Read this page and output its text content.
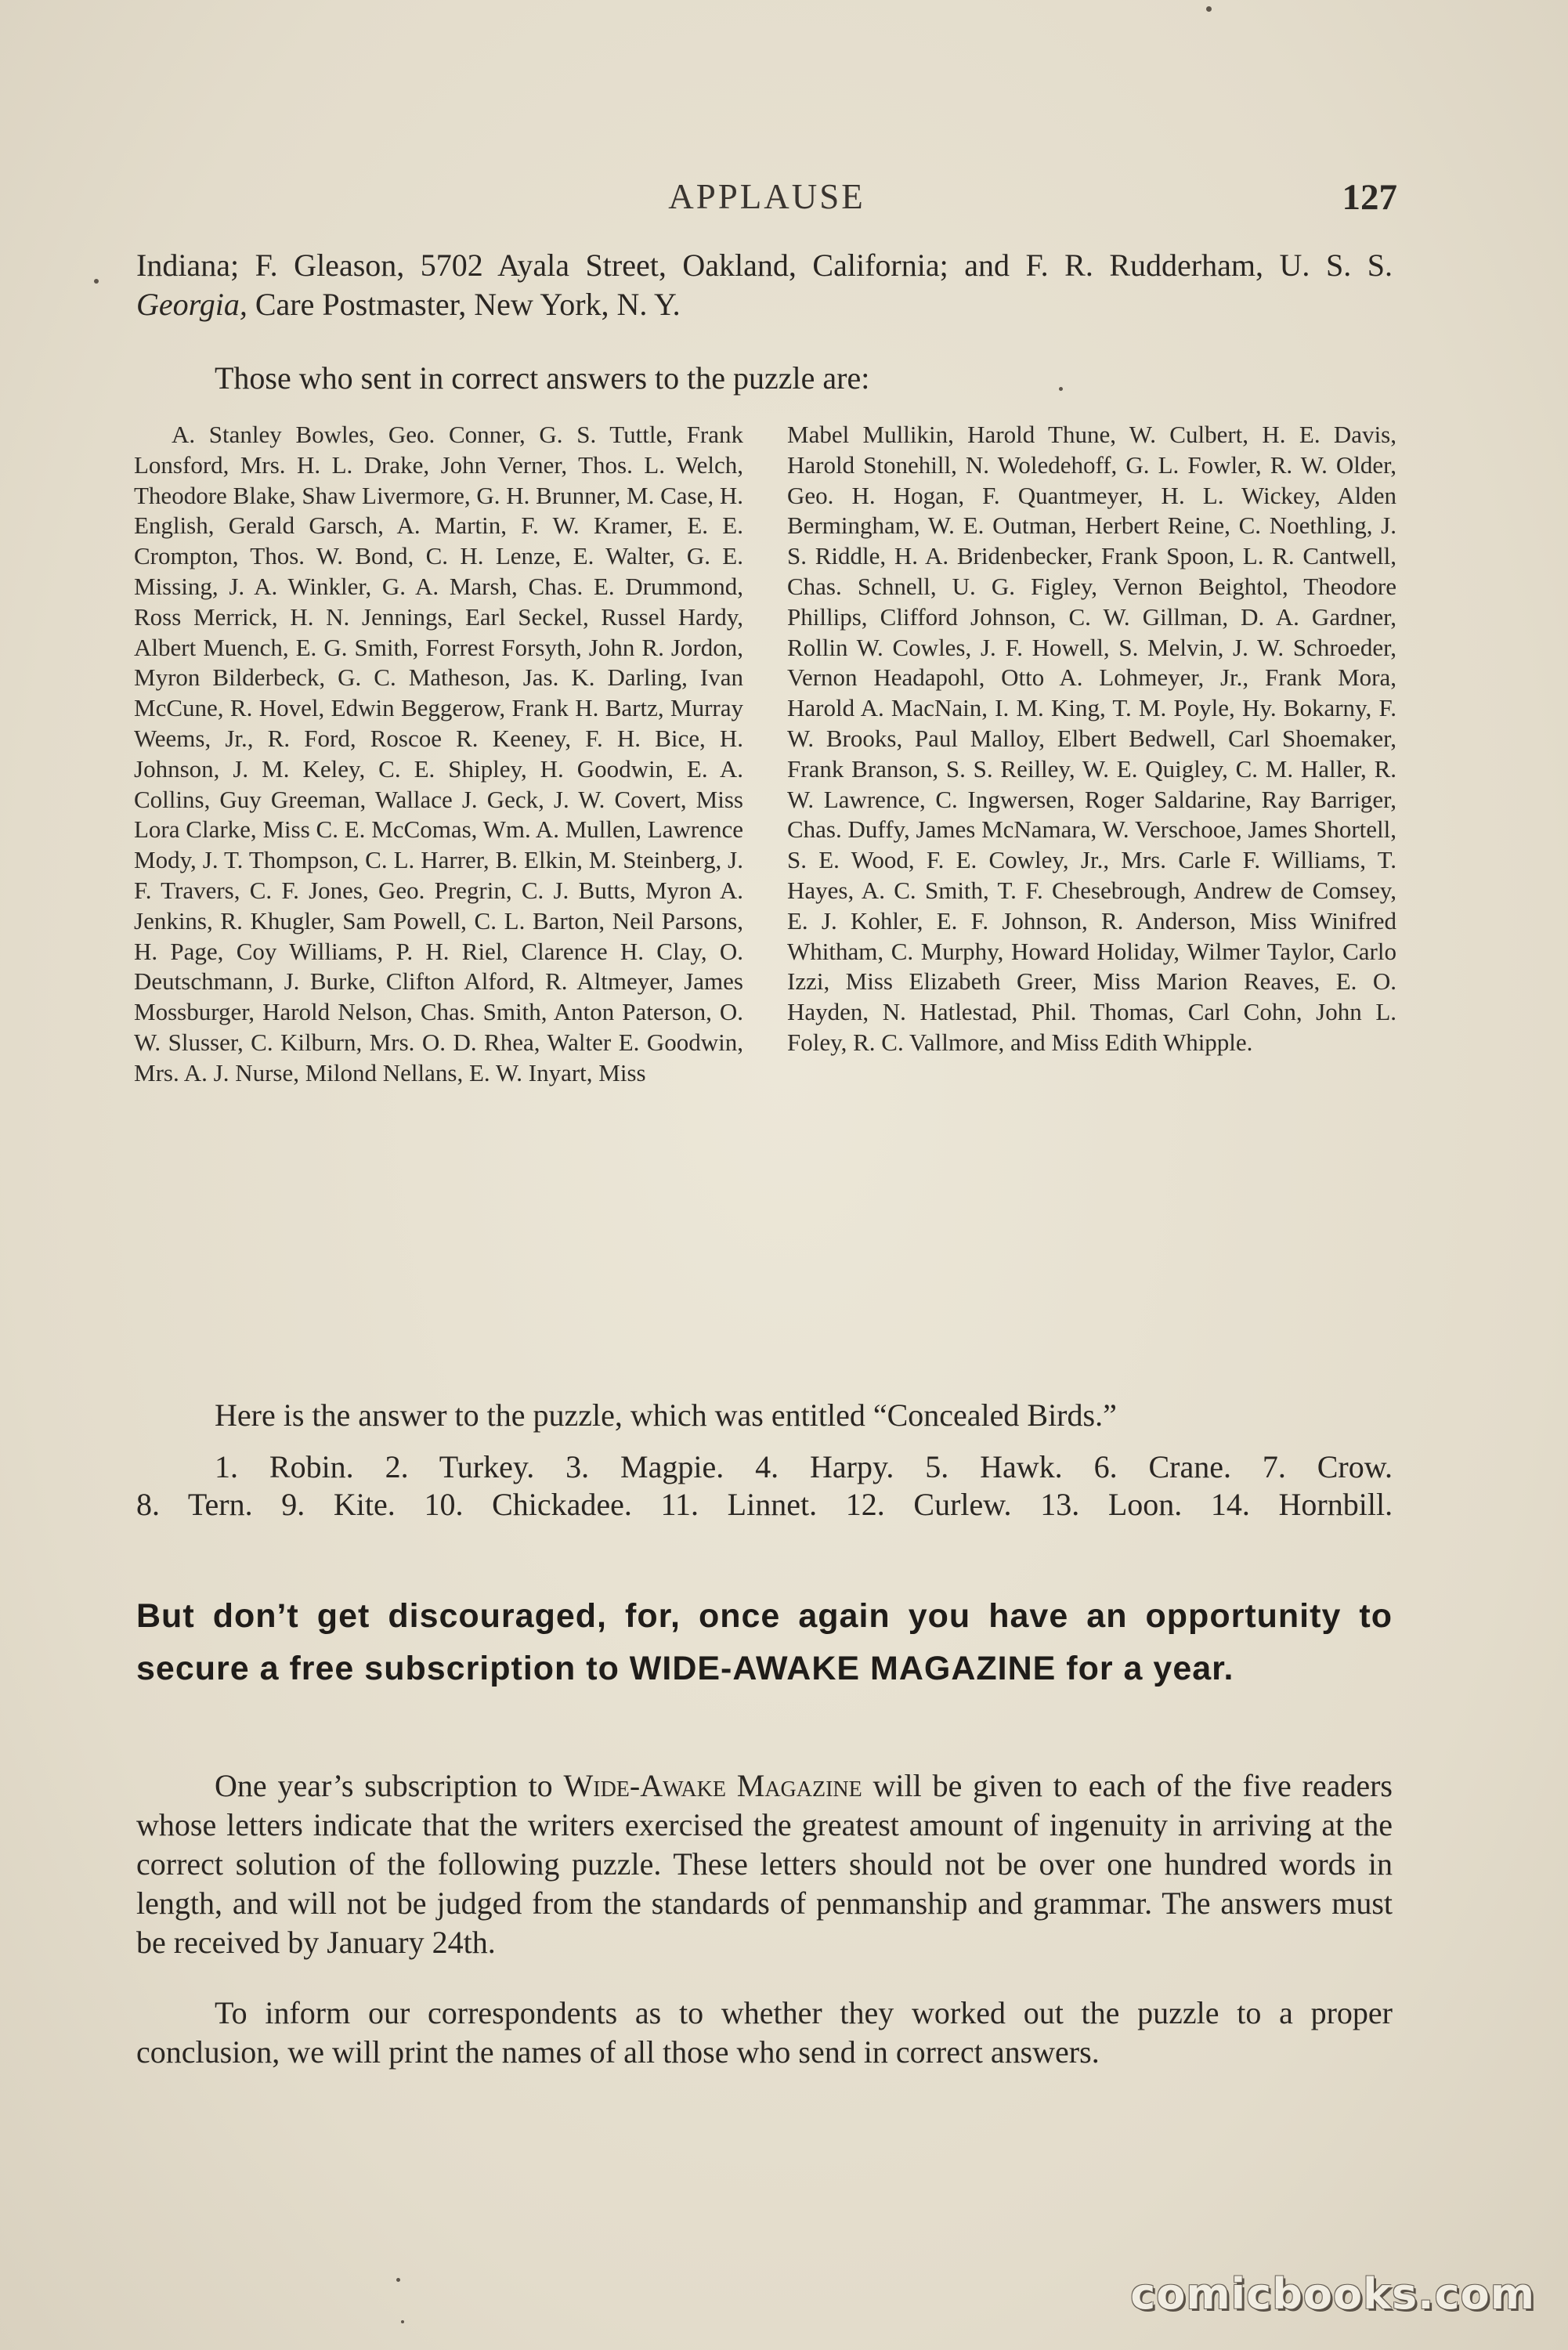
APPLAUSE	127

Indiana; F. Gleason, 5702 Ayala Street, Oakland, California; and F. R. Rudderham, U. S. S. Georgia, Care Postmaster, New York, N. Y.

Those who sent in correct answers to the puzzle are:

A. Stanley Bowles, Geo. Conner, G. S. Tuttle, Frank Lonsford, Mrs. H. L. Drake, John Verner, Thos. L. Welch, Theodore Blake, Shaw Livermore, G. H. Brunner, M. Case, H. English, Gerald Garsch, A. Martin, F. W. Kramer, E. E. Crompton, Thos. W. Bond, C. H. Lenze, E. Walter, G. E. Missing, J. A. Winkler, G. A. Marsh, Chas. E. Drummond, Ross Merrick, H. N. Jennings, Earl Seckel, Russel Hardy, Albert Muench, E. G. Smith, Forrest Forsyth, John R. Jordon, Myron Bilderbeck, G. C. Matheson, Jas. K. Darling, Ivan McCune, R. Hovel, Edwin Beggerow, Frank H. Bartz, Murray Weems, Jr., R. Ford, Roscoe R. Keeney, F. H. Bice, H. Johnson, J. M. Keley, C. E. Shipley, H. Goodwin, E. A. Collins, Guy Greeman, Wallace J. Geck, J. W. Covert, Miss Lora Clarke, Miss C. E. McComas, Wm. A. Mullen, Lawrence Mody, J. T. Thompson, C. L. Harrer, B. Elkin, M. Steinberg, J. F. Travers, C. F. Jones, Geo. Pregrin, C. J. Butts, Myron A. Jenkins, R. Khugler, Sam Powell, C. L. Barton, Neil Parsons, H. Page, Coy Williams, P. H. Riel, Clarence H. Clay, O. Deutschmann, J. Burke, Clifton Alford, R. Altmeyer, James Mossburger, Harold Nelson, Chas. Smith, Anton Paterson, O. W. Slusser, C. Kilburn, Mrs. O. D. Rhea, Walter E. Goodwin, Mrs. A. J. Nurse, Milond Nellans, E. W. Inyart, Miss

Mabel Mullikin, Harold Thune, W. Culbert, H. E. Davis, Harold Stonehill, N. Woledehoff, G. L. Fowler, R. W. Older, Geo. H. Hogan, F. Quantmeyer, H. L. Wickey, Alden Bermingham, W. E. Outman, Herbert Reine, C. Noethling, J. S. Riddle, H. A. Bridenbecker, Frank Spoon, L. R. Cantwell, Chas. Schnell, U. G. Figley, Vernon Beightol, Theodore Phillips, Clifford Johnson, C. W. Gillman, D. A. Gardner, Rollin W. Cowles, J. F. Howell, S. Melvin, J. W. Schroeder, Vernon Headapohl, Otto A. Lohmeyer, Jr., Frank Mora, Harold A. MacNain, I. M. King, T. M. Poyle, Hy. Bokarny, F. W. Brooks, Paul Malloy, Elbert Bedwell, Carl Shoemaker, Frank Branson, S. S. Reilley, W. E. Quigley, C. M. Haller, R. W. Lawrence, C. Ingwersen, Roger Saldarine, Ray Barriger, Chas. Duffy, James McNamara, W. Verschooe, James Shortell, S. E. Wood, F. E. Cowley, Jr., Mrs. Carle F. Williams, T. Hayes, A. C. Smith, T. F. Chesebrough, Andrew de Comsey, E. J. Kohler, E. F. Johnson, R. Anderson, Miss Winifred Whitham, C. Murphy, Howard Holiday, Wilmer Taylor, Carlo Izzi, Miss Elizabeth Greer, Miss Marion Reaves, E. O. Hayden, N. Hatlestad, Phil. Thomas, Carl Cohn, John L. Foley, R. C. Vallmore, and Miss Edith Whipple.

Here is the answer to the puzzle, which was entitled “Concealed Birds.”

1. Robin. 2. Turkey. 3. Magpie. 4. Harpy. 5. Hawk. 6. Crane. 7. Crow.
8. Tern. 9. Kite. 10. Chickadee. 11. Linnet. 12. Curlew. 13. Loon. 14. Hornbill.

But don’t get discouraged, for, once again you have an opportunity to secure a free subscription to WIDE-AWAKE MAGAZINE for a year.

One year’s subscription to Wide-Awake Magazine will be given to each of the five readers whose letters indicate that the writers exercised the greatest amount of ingenuity in arriving at the correct solution of the following puzzle. These letters should not be over one hundred words in length, and will not be judged from the standards of penmanship and grammar. The answers must be received by January 24th.

To inform our correspondents as to whether they worked out the puzzle to a proper conclusion, we will print the names of all those who send in correct answers.

comicbooks.com
